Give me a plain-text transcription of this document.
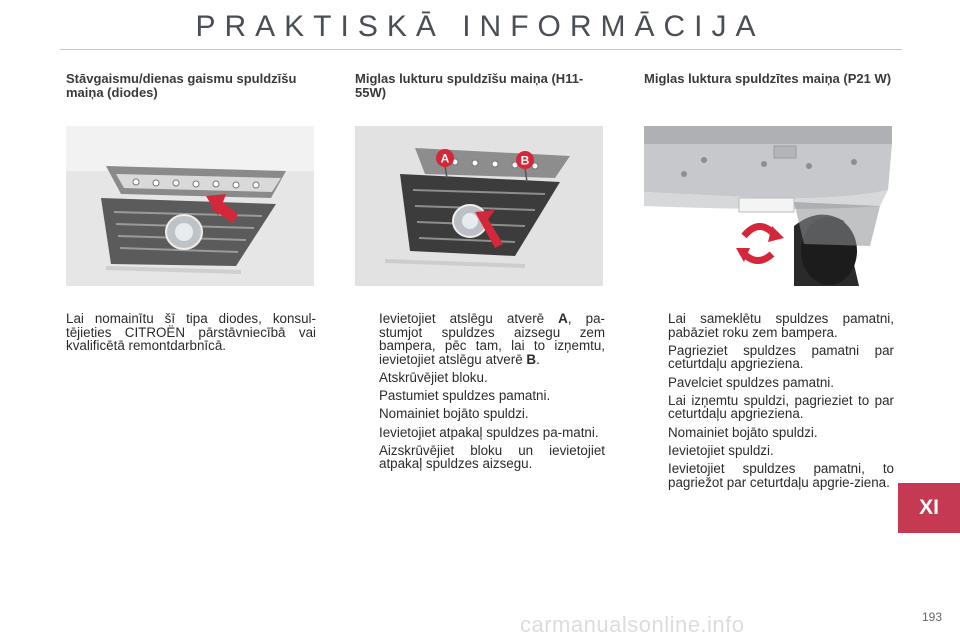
PRAKTISKĀ INFORMĀCIJA
Stāvgaismu/dienas gaismu spuldzīšu maiņa (diodes)
Lai nomainītu šī tipa diodes, konsul-tējieties CITROËN pārstāvniecībā vai kvalificētā remontdarbnīcā.
Miglas lukturu spuldzīšu maiņa (H11-55W)
A	B
Ievietojiet atslēgu atverē A, pa-stumjot spuldzes aizsegu zem bampera, pēc tam, lai to izņemtu, ievietojiet atslēgu atverē B.
Atskrūvējiet bloku.
Pastumiet spuldzes pamatni.
Nomainiet bojāto spuldzi.
Ievietojiet atpakaļ spuldzes pa-matni.
Aizskrūvējiet bloku un ievietojiet atpakaļ spuldzes aizsegu.
Miglas luktura spuldzītes maiņa (P21 W)
Lai sameklētu spuldzes pamatni, pabāziet roku zem bampera.
Pagrieziet spuldzes pamatni par ceturtdaļu apgrieziena.
Pavelciet spuldzes pamatni.
Lai izņemtu spuldzi, pagrieziet to par ceturtdaļu apgrieziena.
Nomainiet bojāto spuldzi.
Ievietojiet spuldzi.
Ievietojiet spuldzes pamatni, to pagriežot par ceturtdaļu apgrie-ziena.
XI
193
carmanualsonline.info
